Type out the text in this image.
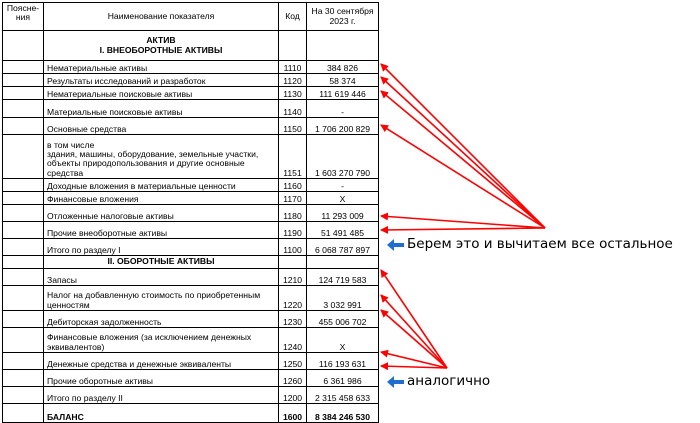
Поясне-
ния	Наименование показателя	Код	На 30 сентября
2023 г.
	АКТИВ
I. ВНЕОБОРОТНЫЕ АКТИВЫ		
	Нематериальные активы	1110	384 826
	Результаты исследований и разработок	1120	58 374
	Нематериальные поисковые активы	1130	111 619 446
	Материальные поисковые активы	1140	-
	Основные средства	1150	1 706 200 829
	в том числе
здания, машины, оборудование, земельные участки, объекты природопользования и другие основные средства	1151	1 603 270 790
	Доходные вложения в материальные ценности	1160	-
	Финансовые вложения	1170	X
	Отложенные налоговые активы	1180	11 293 009
	Прочие внеоборотные активы	1190	51 491 485
	Итого по разделу I	1100	6 068 787 897
	II. ОБОРОТНЫЕ АКТИВЫ		
	Запасы	1210	124 719 583
	Налог на добавленную стоимость по приобретенным ценностям	1220	3 032 991
	Дебиторская задолженность	1230	455 006 702
	Финансовые вложения (за исключением денежных эквивалентов)	1240	X
	Денежные средства и денежные эквиваленты	1250	116 193 631
	Прочие оборотные активы	1260	6 361 986
	Итого по разделу II	1200	2 315 458 633
	БАЛАНС	1600	8 384 246 530
Берем это и вычитаем все остальное
аналогично
